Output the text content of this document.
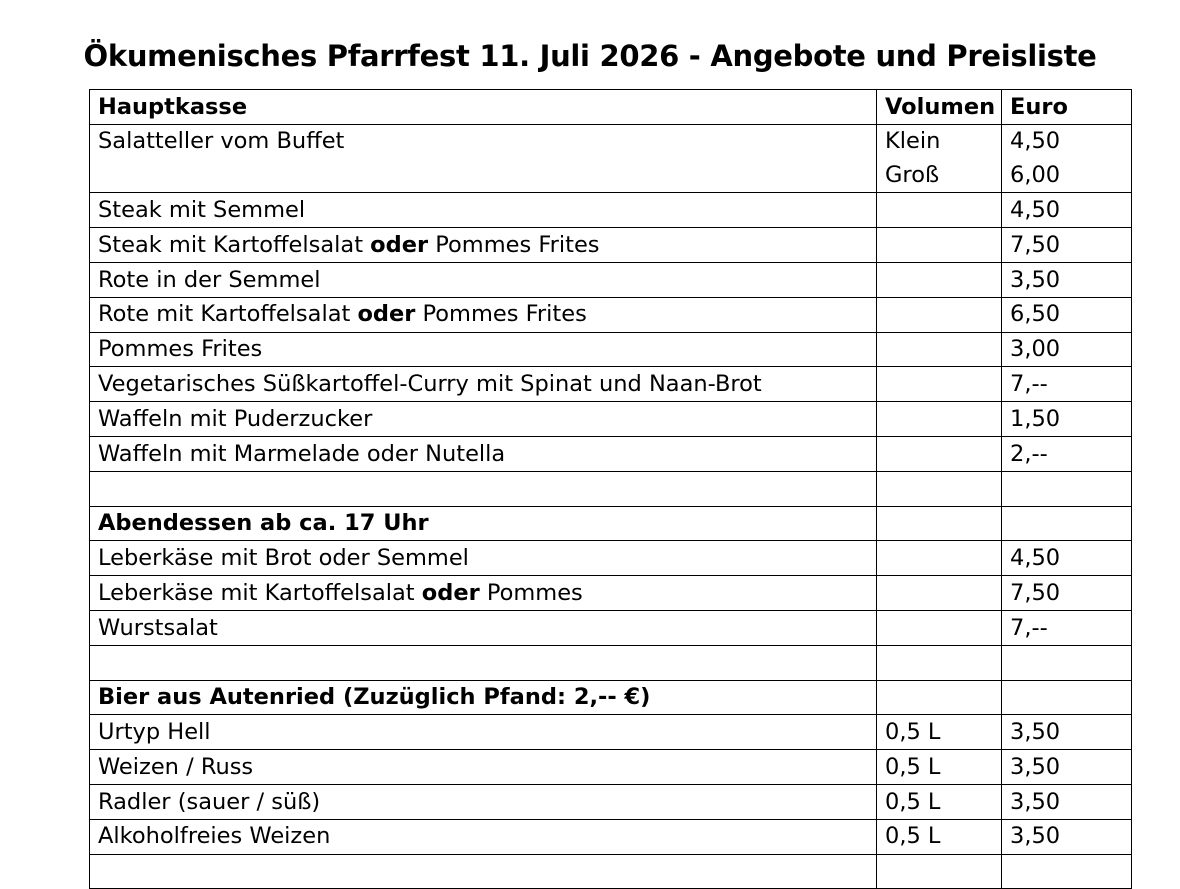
Ökumenisches Pfarrfest 11. Juli 2026 - Angebote und Preisliste
Hauptkasse	Volumen	Euro
Salatteller vom Buffet	Klein	4,50
	Groß	6,00
Steak mit Semmel		4,50
Steak mit Kartoffelsalat oder Pommes Frites		7,50
Rote in der Semmel		3,50
Rote mit Kartoffelsalat oder Pommes Frites		6,50
Pommes Frites		3,00
Vegetarisches Süßkartoffel-Curry mit Spinat und Naan-Brot		7,--
Waffeln mit Puderzucker		1,50
Waffeln mit Marmelade oder Nutella		2,--

Abendessen ab ca. 17 Uhr		
Leberkäse mit Brot oder Semmel		4,50
Leberkäse mit Kartoffelsalat oder Pommes		7,50
Wurstsalat		7,--

Bier aus Autenried (Zuzüglich Pfand: 2,-- €)		
Urtyp Hell	0,5 L	3,50
Weizen / Russ	0,5 L	3,50
Radler (sauer / süß)	0,5 L	3,50
Alkoholfreies Weizen	0,5 L	3,50
